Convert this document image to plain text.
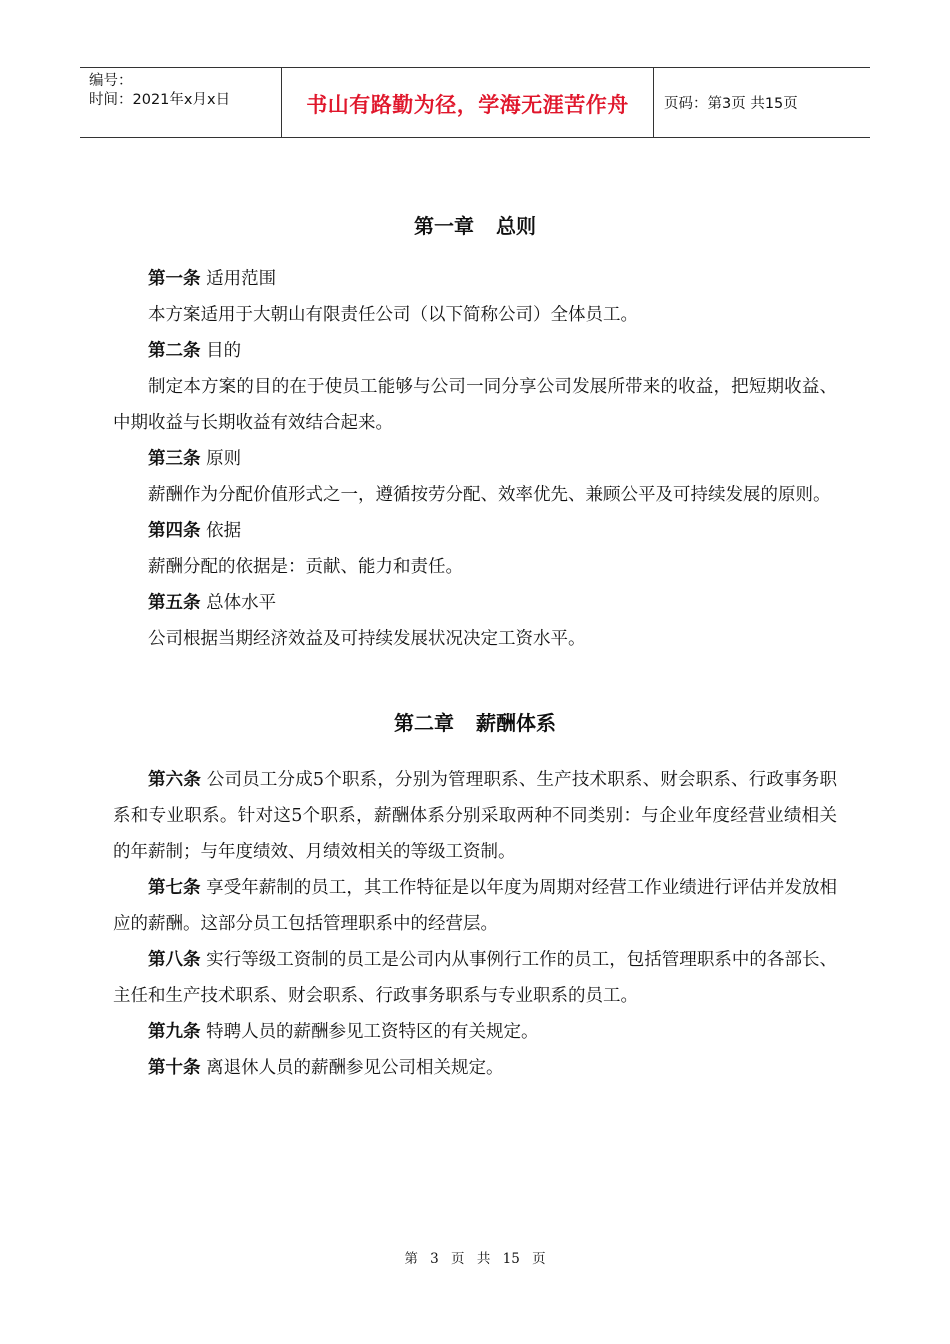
编号：
时间：2021年x月x日	书山有路勤为径，学海无涯苦作舟	页码：第3页 共15页
第一章 总则

第一条 适用范围

本方案适用于大朝山有限责任公司（以下简称公司）全体员工。

第二条 目的

制定本方案的目的在于使员工能够与公司一同分享公司发展所带来的收益，把短期收益、中期收益与长期收益有效结合起来。

第三条 原则

薪酬作为分配价值形式之一，遵循按劳分配、效率优先、兼顾公平及可持续发展的原则。

第四条 依据

薪酬分配的依据是：贡献、能力和责任。

第五条 总体水平

公司根据当期经济效益及可持续发展状况决定工资水平。

第二章 薪酬体系

第六条 公司员工分成5个职系，分别为管理职系、生产技术职系、财会职系、行政事务职系和专业职系。针对这5个职系，薪酬体系分别采取两种不同类别：与企业年度经营业绩相关的年薪制；与年度绩效、月绩效相关的等级工资制。

第七条 享受年薪制的员工，其工作特征是以年度为周期对经营工作业绩进行评估并发放相应的薪酬。这部分员工包括管理职系中的经营层。

第八条 实行等级工资制的员工是公司内从事例行工作的员工，包括管理职系中的各部长、主任和生产技术职系、财会职系、行政事务职系与专业职系的员工。

第九条 特聘人员的薪酬参见工资特区的有关规定。

第十条 离退休人员的薪酬参见公司相关规定。

第 3 页 共 15 页
